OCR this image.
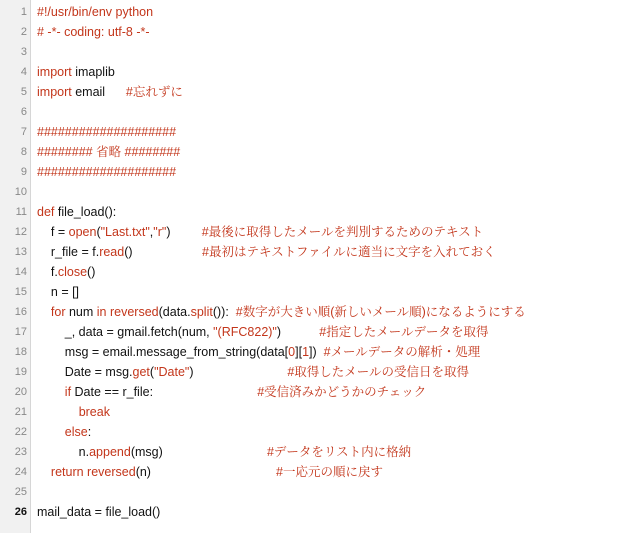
1 #!/usr/bin/env python
2 # -*- coding: utf-8 -*-
3
4 import imaplib
5 import email      #忘れずに
6
7 ####################
8 ######## 省略 ########
9 ####################
10
11 def file_load():
12 f = open("Last.txt","r")         #最後に取得したメールを判別するためのテキスト
13 r_file = f.read()                    #最初はテキストファイルに適当に文字を入れておく
14 f.close()
15 n = []
16	for num in reversed(data.split()):  #数字が大きい順(新しいメール順)になるようにする
17 _, data = gmail.fetch(num, "(RFC822)")           #指定したメールデータを取得
18 msg = email.message_from_string(data[0][1])  #メールデータの解析・処理
19 Date = msg.get("Date")                           #取得したメールの受信日を取得
20	if Date == r_file:                              #受信済みかどうかのチェック
21	break
22	else:
23 n.append(msg)                              #データをリスト内に格納
24	return reversed(n)                                    #一応元の順に戻す
25
26 mail_data = file_load()
